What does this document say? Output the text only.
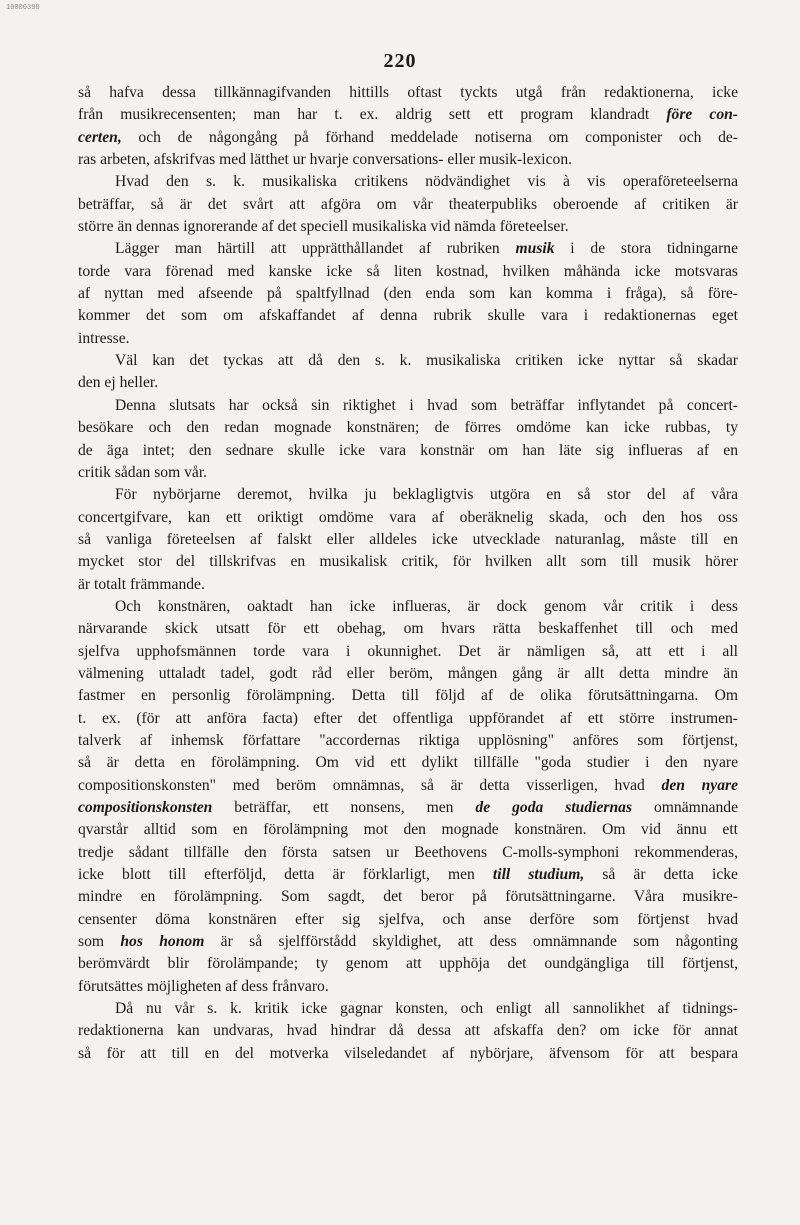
10000398
220
så hafva dessa tillkännagifvanden hittills oftast tyckts utgå från redaktionerna, icke
från musikrecensenten; man har t. ex. aldrig sett ett program klandradt före con-
certen, och de någongång på förhand meddelade notiserna om componister och de-
ras arbeten, afskrifvas med lätthet ur hvarje conversations- eller musik-lexicon.
Hvad den s. k. musikaliska critikens nödvändighet vis à vis operaföreteelserna
beträffar, så är det svårt att afgöra om vår theaterpubliks oberoende af critiken är
större än dennas ignorerande af det speciell musikaliska vid nämda företeelser.
Lägger man härtill att upprätthållandet af rubriken musik i de stora tidningarne
torde vara förenad med kanske icke så liten kostnad, hvilken måhända icke motsvaras
af nyttan med afseende på spaltfyllnad (den enda som kan komma i fråga), så före-
kommer det som om afskaffandet af denna rubrik skulle vara i redaktionernas eget
intresse.
Väl kan det tyckas att då den s. k. musikaliska critiken icke nyttar så skadar
den ej heller.
Denna slutsats har också sin riktighet i hvad som beträffar inflytandet på concert-
besökare och den redan mognade konstnären; de förres omdöme kan icke rubbas, ty
de äga intet; den sednare skulle icke vara konstnär om han läte sig influeras af en
critik sådan som vår.
För nybörjarne deremot, hvilka ju beklagligtvis utgöra en så stor del af våra
concertgifvare, kan ett oriktigt omdöme vara af oberäknelig skada, och den hos oss
så vanliga företeelsen af falskt eller alldeles icke utvecklade naturanlag, måste till en
mycket stor del tillskrifvas en musikalisk critik, för hvilken allt som till musik hörer
är totalt främmande.
Och konstnären, oaktadt han icke influeras, är dock genom vår critik i dess
närvarande skick utsatt för ett obehag, om hvars rätta beskaffenhet till och med
sjelfva upphofsmännen torde vara i okunnighet. Det är nämligen så, att ett i all
välmening uttaladt tadel, godt råd eller beröm, mången gång är allt detta mindre än
fastmer en personlig förolämpning. Detta till följd af de olika förutsättningarna. Om
t. ex. (för att anföra facta) efter det offentliga uppförandet af ett större instrumen-
talverk af inhemsk författare "accordernas riktiga upplösning" anföres som förtjenst,
så är detta en förolämpning. Om vid ett dylikt tillfälle "goda studier i den nyare
compositionskonsten" med beröm omnämnas, så är detta visserligen, hvad den nyare
compositionskonsten beträffar, ett nonsens, men de goda studiernas omnämnande
qvarstår alltid som en förolämpning mot den mognade konstnären. Om vid ännu ett
tredje sådant tillfälle den första satsen ur Beethovens C-molls-symphoni rekommenderas,
icke blott till efterföljd, detta är förklarligt, men till studium, så är detta icke
mindre en förolämpning. Som sagdt, det beror på förutsättningarne. Våra musikre-
censenter döma konstnären efter sig sjelfva, och anse derföre som förtjenst hvad
som hos honom är så sjelfförstådd skyldighet, att dess omnämnande som någonting
berömvärdt blir förolämpande; ty genom att upphöja det oundgängliga till förtjenst,
förutsättes möjligheten af dess frånvaro.
Då nu vår s. k. kritik icke gagnar konsten, och enligt all sannolikhet af tidnings-
redaktionerna kan undvaras, hvad hindrar då dessa att afskaffa den? om icke för annat
så för att till en del motverka vilseledandet af nybörjare, äfvensom för att bespara
